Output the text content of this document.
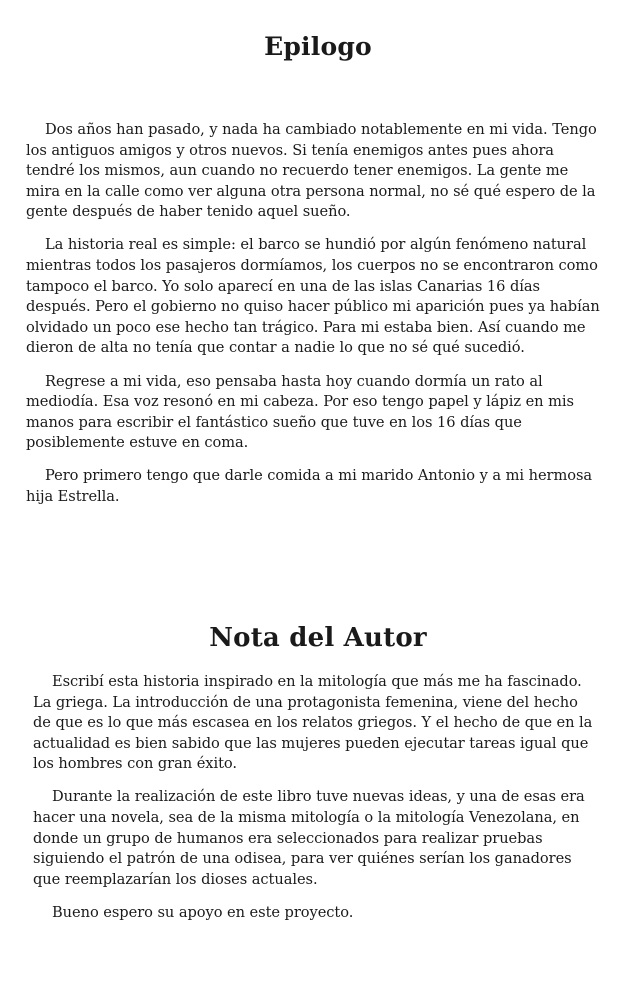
Epilogo

Dos años han pasado, y nada ha cambiado notablemente en mi vida. Tengo los antiguos amigos y otros nuevos. Si tenía enemigos antes pues ahora tendré los mismos, aun cuando no recuerdo tener enemigos. La gente me mira en la calle como ver alguna otra persona normal, no sé qué espero de la gente después de haber tenido aquel sueño.

La historia real es simple: el barco se hundió por algún fenómeno natural mientras todos los pasajeros dormíamos, los cuerpos no se encontraron como tampoco el barco. Yo solo aparecí en una de las islas Canarias 16 días después. Pero el gobierno no quiso hacer público mi aparición pues ya habían olvidado un poco ese hecho tan trágico. Para mi estaba bien. Así cuando me dieron de alta no tenía que contar a nadie lo que no sé qué sucedió.

Regrese a mi vida, eso pensaba hasta hoy cuando dormía un rato al mediodía. Esa voz resonó en mi cabeza. Por eso tengo papel y lápiz en mis manos para escribir el fantástico sueño que tuve en los 16 días que posiblemente estuve en coma.

Pero primero tengo que darle comida a mi marido Antonio y a mi hermosa hija Estrella.

Nota del Autor

Escribí esta historia inspirado en la mitología que más me ha fascinado. La griega. La introducción de una protagonista femenina, viene del hecho de que es lo que más escasea en los relatos griegos. Y el hecho de que en la actualidad es bien sabido que las mujeres pueden ejecutar tareas igual que los hombres con gran éxito.

Durante la realización de este libro tuve nuevas ideas, y una de esas era hacer una novela, sea de la misma mitología o la mitología Venezolana, en donde un grupo de humanos era seleccionados para realizar pruebas siguiendo el patrón de una odisea, para ver quiénes serían los ganadores que reemplazarían los dioses actuales.

Bueno espero su apoyo en este proyecto.
